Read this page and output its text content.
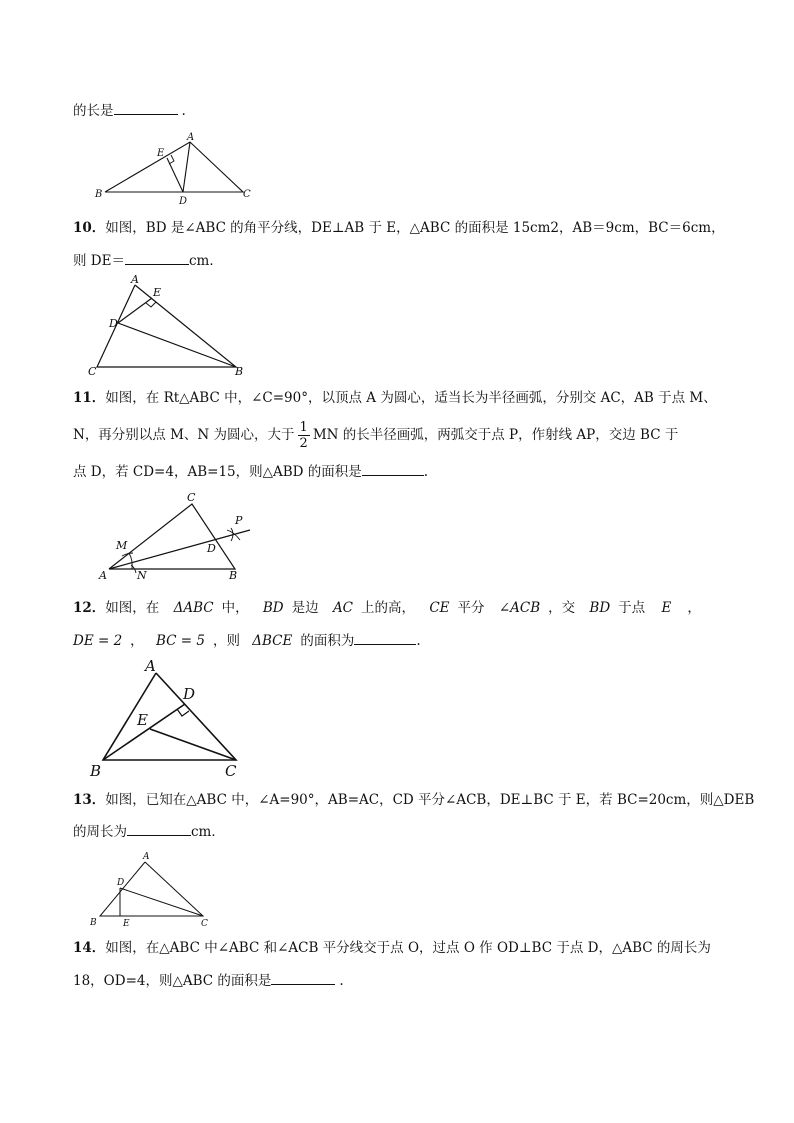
的长是	.
A
E
B
D
C
10．如图，BD 是∠ABC 的角平分线，DE⊥AB 于 E，△ABC 的面积是 15cm2，AB＝9cm，BC＝6cm，
则 DE＝	cm．
A
E
D
C	B
11．如图，在 Rt△ABC 中，∠C=90°，以顶点 A 为圆心，适当长为半径画弧，分别交 AC，AB 于点 M、
N，再分别以点 M、N 为圆心，大于 $\frac{1}{2}$ MN 的长半径画弧，两弧交于点 P，作射线 AP，交边 BC 于
点 D，若 CD=4，AB=15，则△ABD 的面积是	.
C
P
M	D
A	N	B
12．如图，在 ΔABC 中， BD 是边 AC 上的高， CE 平分 ∠ACB ，交 BD 于点 E ，
DE = 2 ， BC = 5 ，则 ΔBCE 的面积为	.
A
D
E
B	C
13．如图，已知在△ABC 中，∠A=90°，AB=AC，CD 平分∠ACB，DE⊥BC 于 E，若 BC=20cm，则△DEB
的周长为	cm．
A
D
B	E	C
14．如图，在△ABC 中∠ABC 和∠ACB 平分线交于点 O，过点 O 作 OD⊥BC 于点 D，△ABC 的周长为
18，OD=4，则△ABC 的面积是	.
